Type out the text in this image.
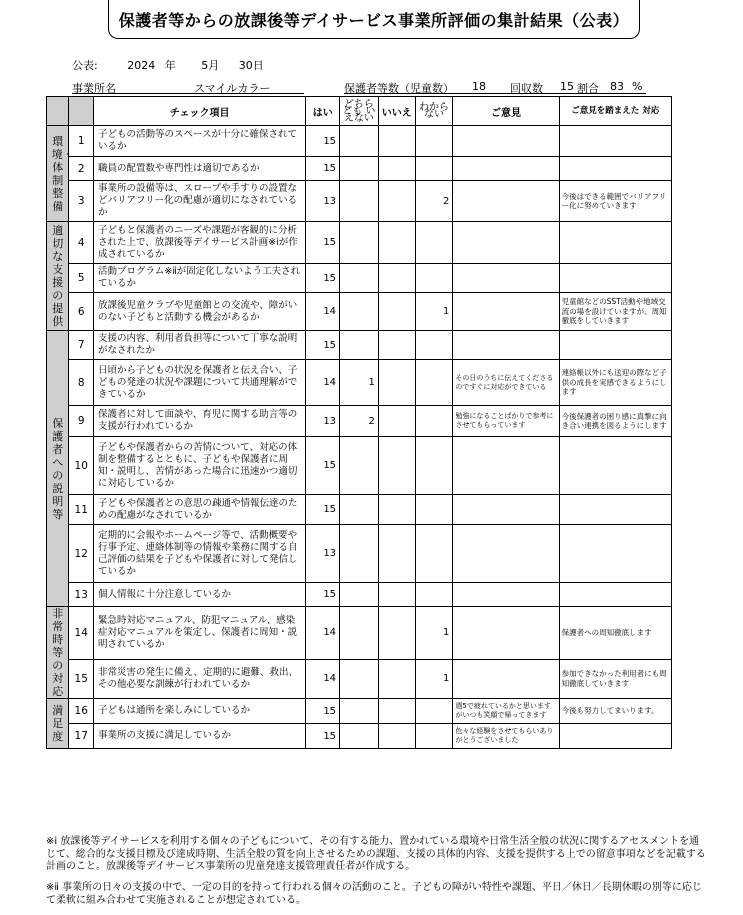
保護者等からの放課後等デイサービス事業所評価の集計結果（公表）
公表:	2024 年 5月 30日
事業所名	スマイルカラー	保護者等数（児童数） 18 回収数 15 割合 83 %
		チェック項目	はい	どちらとも いえない	いいえ	わからない	ご意見	ご意見を踏まえた 対応
環境・体制整備	1	子どもの活動等のスペースが十分に確保されているか	15					
	2	職員の配置数や専門性は適切であるか	15					
	3	事業所の設備等は、スロープや手すりの設置などバリアフリー化の配慮が適切になされているか	13			2		今後はできる範囲でバリアフリー化に努めていきます
適切な支援の提供	4	子どもと保護者のニーズや課題が客観的に分析された上で、放課後等デイサービス計画※ⅰが作成されているか	15					
	5	活動プログラム※ⅱが固定化しないよう工夫されているか	15					
	6	放課後児童クラブや児童館との交流や、障がいのない子どもと活動する機会があるか	14			1		児童館などのSST活動や地域交流の場を設けていますが、周知徹底をしていきます
保護者への説明等	7	支援の内容、利用者負担等について丁寧な説明がなされたか	15					
	8	日頃から子どもの状況を保護者と伝え合い、子どもの発達の状況や課題について共通理解ができているか	14	1			その日のうちに伝えてくださるのですぐに対応ができている	連絡帳以外にも送迎の際など子供の成長を実感できるようにします
	9	保護者に対して面談や、育児に関する助言等の支援が行われているか	13	2			勉強になることばかりで参考にさせてもらっています	今後保護者の困り感に真摯に向き合い連携を図るようにします
	10	子どもや保護者からの苦情について、対応の体制を整備するとともに、子どもや保護者に周知・説明し、苦情があった場合に迅速かつ適切に対応しているか	15					
	11	子どもや保護者との意思の疎通や情報伝達のための配慮がなされているか	15					
	12	定期的に会報やホームページ等で、活動概要や行事予定、連絡体制等の情報や業務に関する自己評価の結果を子どもや保護者に対して発信しているか	13					
	13	個人情報に十分注意しているか	15					
非常時等の対応	14	緊急時対応マニュアル、防犯マニュアル、感染症対応マニュアルを策定し、保護者に周知・説明されているか	14			1		保護者への周知徹底します
	15	非常災害の発生に備え、定期的に避難、救出、その他必要な訓練が行われているか	14			1		参加できなかった利用者にも周知徹底していきます
満足度	16	子どもは通所を楽しみにしているか	15				週5で疲れているかと思いますがいつも笑顔で帰ってきます	今後も努力してまいります。
	17	事業所の支援に満足しているか	15				色々な経験をさせてもらいありがとうございました	
※ⅰ 放課後等デイサービスを利用する個々の子どもについて、その有する能力、置かれている環境や日常生活全般の状況に関するアセスメントを通じて、総合的な支援目標及び達成時期、生活全般の質を向上させるための課題、支援の具体的内容、支援を提供する上での留意事項などを記載する計画のこと。放課後等デイサービス事業所の児童発達支援管理責任者が作成する。
※ⅱ 事業所の日々の支援の中で、一定の目的を持って行われる個々の活動のこと。子どもの障がい特性や課題、平日／休日／長期休暇の別等に応じて柔軟に組み合わせて実施されることが想定されている。
